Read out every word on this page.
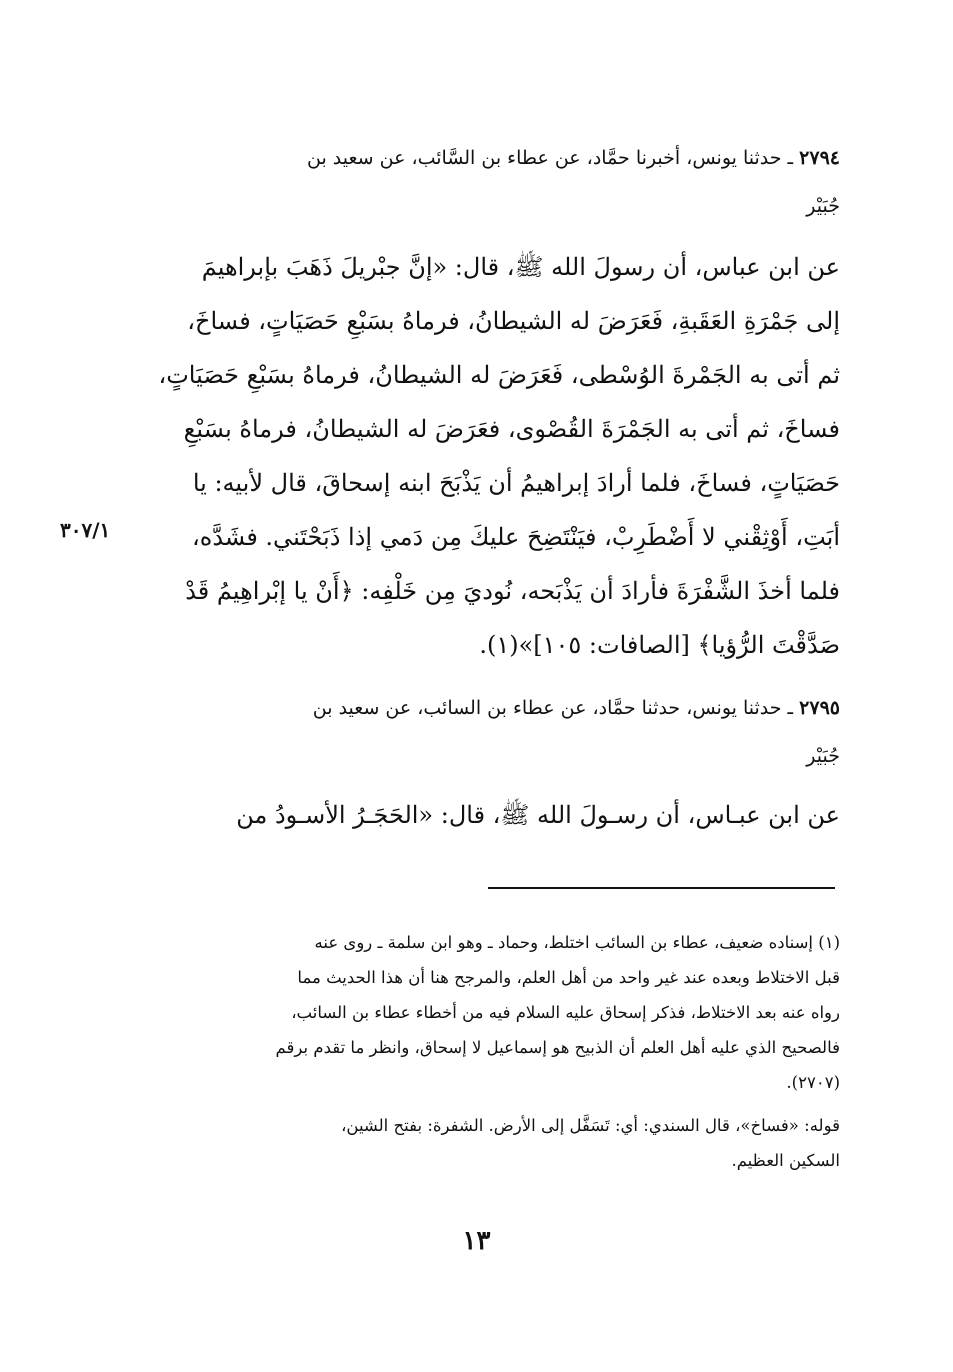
٢٧٩٤ ـ حدثنا يونس، أخبرنا حمَّاد، عن عطاء بن السَّائب، عن سعيد بن
جُبَيْر
عن ابن عباس، أن رسولَ الله ﷺ، قال: «إنَّ جبْريلَ ذَهَبَ بإبراهيمَ
إلى جَمْرَةِ العَقَبةِ، فَعَرَضَ له الشيطانُ، فرماهُ بسَبْعِ حَصَيَاتٍ، فساخَ،
ثم أتى به الجَمْرةَ الوُسْطى، فَعَرَضَ له الشيطانُ، فرماهُ بسَبْعِ حَصَيَاتٍ،
فساخَ، ثم أتى به الجَمْرَةَ القُصْوى، فعَرَضَ له الشيطانُ، فرماهُ بسَبْعِ
حَصَيَاتٍ، فساخَ، فلما أرادَ إبراهيمُ أن يَذْبَحَ ابنه إسحاقَ، قال لأبيه: يا
أبَتِ، أَوْثِقْني لا أَضْطَرِبْ، فيَنْتَضِحَ عليكَ مِن دَمي إذا ذَبَحْتَني. فشَدَّه،
فلما أخذَ الشَّفْرَةَ فأرادَ أن يَذْبَحه، نُوديَ مِن خَلْفِه: ﴿أَنْ يا إبْراهِيمُ قَدْ
صَدَّقْتَ الرُّؤيا﴾ [الصافات: ١٠٥]»(١).
٣٠٧/١
٢٧٩٥ ـ حدثنا يونس، حدثنا حمَّاد، عن عطاء بن السائب، عن سعيد بن
جُبَيْر
عن ابن عبـاس، أن رسـولَ الله ﷺ، قال: «الحَجَـرُ الأسـودُ من
(١) إسناده ضعيف، عطاء بن السائب اختلط، وحماد ـ وهو ابن سلمة ـ روى عنه
قبل الاختلاط وبعده عند غير واحد من أهل العلم، والمرجح هنا أن هذا الحديث مما
رواه عنه بعد الاختلاط، فذكر إسحاق عليه السلام فيه من أخطاء عطاء بن السائب،
فالصحيح الذي عليه أهل العلم أن الذبيح هو إسماعيل لا إسحاق، وانظر ما تقدم برقم
(٢٧٠٧).
قوله: «فساخ»، قال السندي: أي: تَسَفَّل إلى الأرض. الشفرة: بفتح الشين،
السكين العظيم.
١٣
